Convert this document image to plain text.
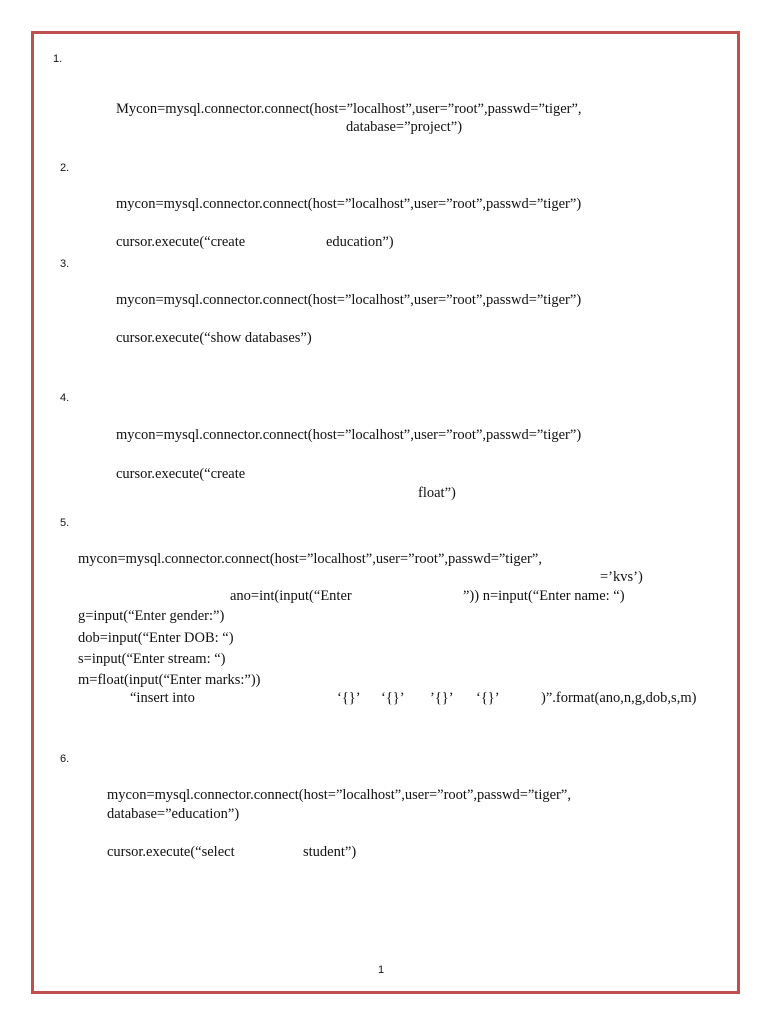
1.
Mycon=mysql.connector.connect(host=”localhost”,user=”root”,passwd=”tiger”,
database=”project”)
2.
mycon=mysql.connector.connect(host=”localhost”,user=”root”,passwd=”tiger”)
cursor.execute(“create	education”)
3.
mycon=mysql.connector.connect(host=”localhost”,user=”root”,passwd=”tiger”)
cursor.execute(“show databases”)
4.
mycon=mysql.connector.connect(host=”localhost”,user=”root”,passwd=”tiger”)
cursor.execute(“create
float”)
5.
mycon=mysql.connector.connect(host=”localhost”,user=”root”,passwd=”tiger”,
=’kvs’)
ano=int(input(“Enter	”)) n=input(“Enter name: “)
g=input(“Enter gender:”)
dob=input(“Enter DOB: “)
s=input(“Enter stream: “)
m=float(input(“Enter marks:”))
“insert into	‘{}’ ‘{}’ ’{}’ ‘{}’	)”.format(ano,n,g,dob,s,m)
6.
mycon=mysql.connector.connect(host=”localhost”,user=”root”,passwd=”tiger”,
database=”education”)
cursor.execute(“select	student”)
1
